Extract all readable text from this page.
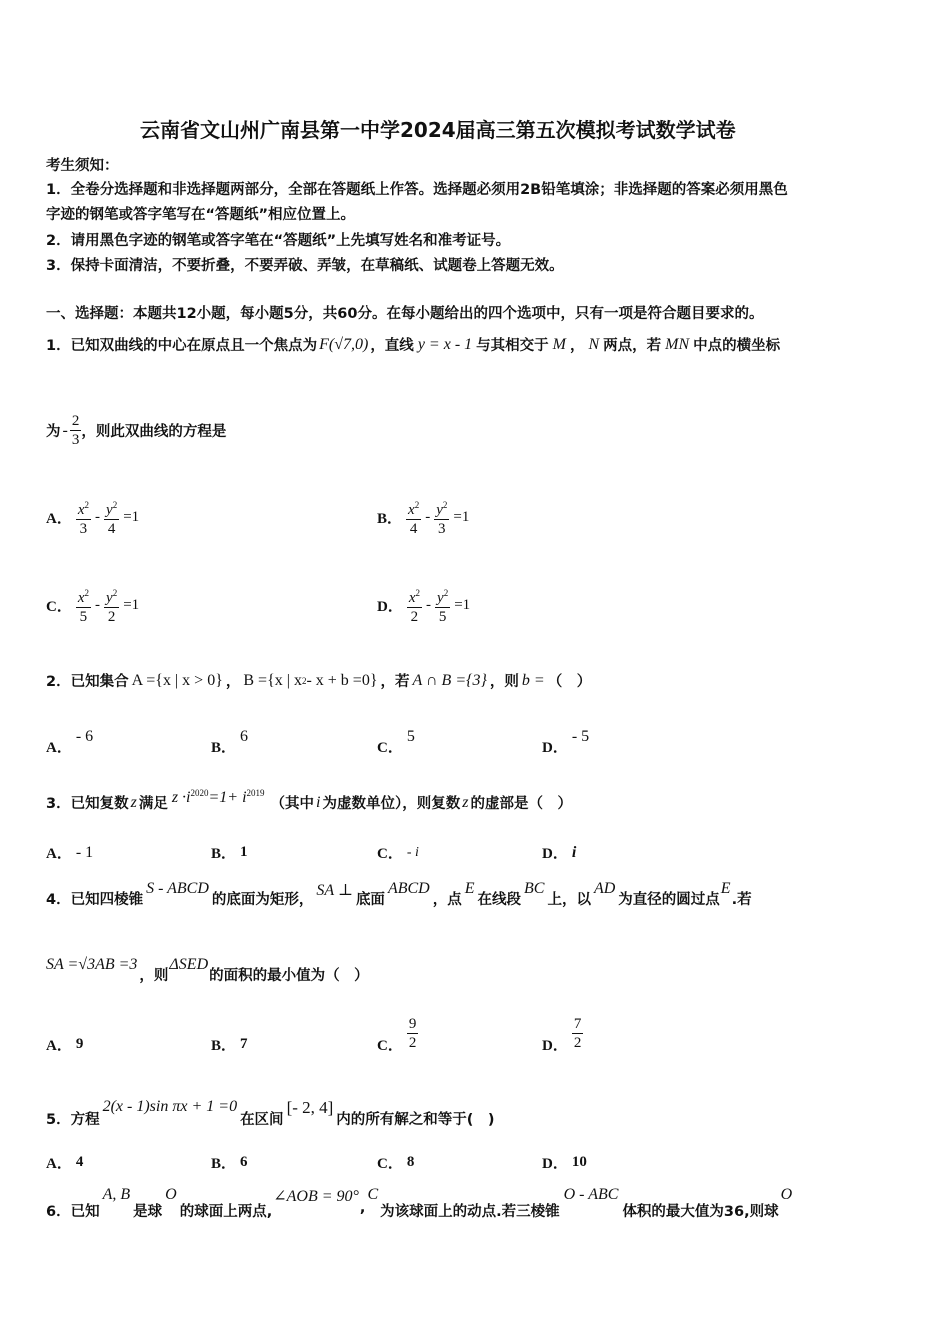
云南省文山州广南县第一中学2024届高三第五次模拟考试数学试卷
考生须知：
1．全卷分选择题和非选择题两部分，全部在答题纸上作答。选择题必须用2B铅笔填涂；非选择题的答案必须用黑色
字迹的钢笔或答字笔写在“答题纸”相应位置上。
2．请用黑色字迹的钢笔或答字笔在“答题纸”上先填写姓名和准考证号。
3．保持卡面清洁，不要折叠，不要弄破、弄皱，在草稿纸、试题卷上答题无效。
一、选择题：本题共12小题，每小题5分，共60分。在每小题给出的四个选项中，只有一项是符合题目要求的。
1．已知双曲线的中心在原点且一个焦点为 F(√7,0) ，直线 y = x - 1 与其相交于 M ， N 两点，若 MN 中点的横坐标
为 - $\frac{2}{3}$ ，则此双曲线的方程是
A． $\frac{x^2}{3} - \frac{y^2}{4} =1$	B． $\frac{x^2}{4} - \frac{y^2}{3} =1$
C． $\frac{x^2}{5} - \frac{y^2}{2} =1$	D． $\frac{x^2}{2} - \frac{y^2}{5} =1$
2．已知集合 A ={x | x > 0} ， B ={x | x 2 - x + b =0} ，若 A ∩ B ={3} ，则 b = （　）
A．
- 6
B．
6
C．
5
D．
- 5
3．已知复数 z 满足 $z \cdot i^{2020} =1+ i^{2019}$
（其中 i 为虚数单位），则复数 z 的虚部是（　）
A． - 1	B． 1	C． - i	D． i
4．已知四棱锥
S - ABCD
的底面为矩形，
SA ⊥
底面
ABCD
，点
E
在线段
BC
上，以
AD
为直径的圆过点
E
.若
SA =√3AB =3
，则
ΔSED
的面积的最小值为（　）
A． 9	B． 7	C． $\frac{9}{2}$	D． $\frac{7}{2}$
5．方程
2(x - 1)sin πx + 1 =0
在区间
[- 2, 4]
内的所有解之和等于(　)
A． 4	B． 6	C． 8	D． 10
6．已知
A, B
是球
O
的球面上两点,
∠AOB = 90°
,
C
为该球面上的动点.若三棱锥
O - ABC
体积的最大值为36,则球
O
